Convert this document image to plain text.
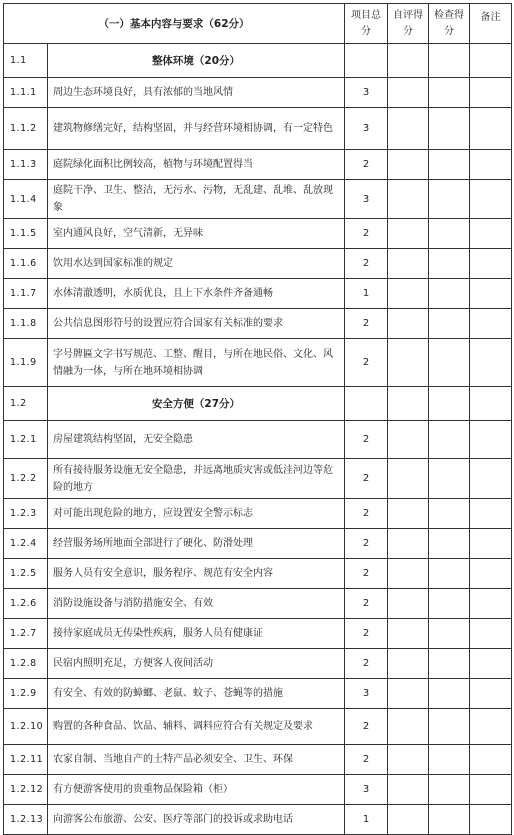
（一）基本内容与要求（62分）		项目总分	自评得分	检查得分	备注
1.1	整体环境（20分）				
1.1.1	周边生态环境良好，具有浓郁的当地风情	3			
1.1.2	建筑物修缮完好，结构坚固，并与经营环境相协调，有一定特色	3			
1.1.3	庭院绿化面积比例较高，植物与环境配置得当	2			
1.1.4	庭院干净、卫生、整洁，无污水、污物，无乱建、乱堆、乱放现象	3			
1.1.5	室内通风良好，空气清新，无异味	2			
1.1.6	饮用水达到国家标准的规定	2			
1.1.7	水体清澈透明，水质优良，且上下水条件齐备通畅	1			
1.1.8	公共信息图形符号的设置应符合国家有关标准的要求	2			
1.1.9	字号牌匾文字书写规范、工整、醒目，与所在地民俗、文化、风情融为一体，与所在地环境相协调	2			
1.2	安全方便（27分）				
1.2.1	房屋建筑结构坚固，无安全隐患	2			
1.2.2	所有接待服务设施无安全隐患，并远离地质灾害或低洼河边等危险的地方	2			
1.2.3	对可能出现危险的地方，应设置安全警示标志	2			
1.2.4	经营服务场所地面全部进行了硬化、防滑处理	2			
1.2.5	服务人员有安全意识，服务程序、规范有安全内容	2			
1.2.6	消防设施设备与消防措施安全、有效	2			
1.2.7	接待家庭成员无传染性疾病，服务人员有健康证	2			
1.2.8	民宿内照明充足，方便客人夜间活动	2			
1.2.9	有安全、有效的防蟑螂、老鼠、蚊子、苍蝇等的措施	3			
1.2.10	购置的各种食品、饮品、辅料、调料应符合有关规定及要求	2			
1.2.11	农家自制、当地自产的土特产品必须安全、卫生、环保	2			
1.2.12	有方便游客使用的贵重物品保险箱（柜）	3			
1.2.13	向游客公布旅游、公安、医疗等部门的投诉或求助电话	1			
